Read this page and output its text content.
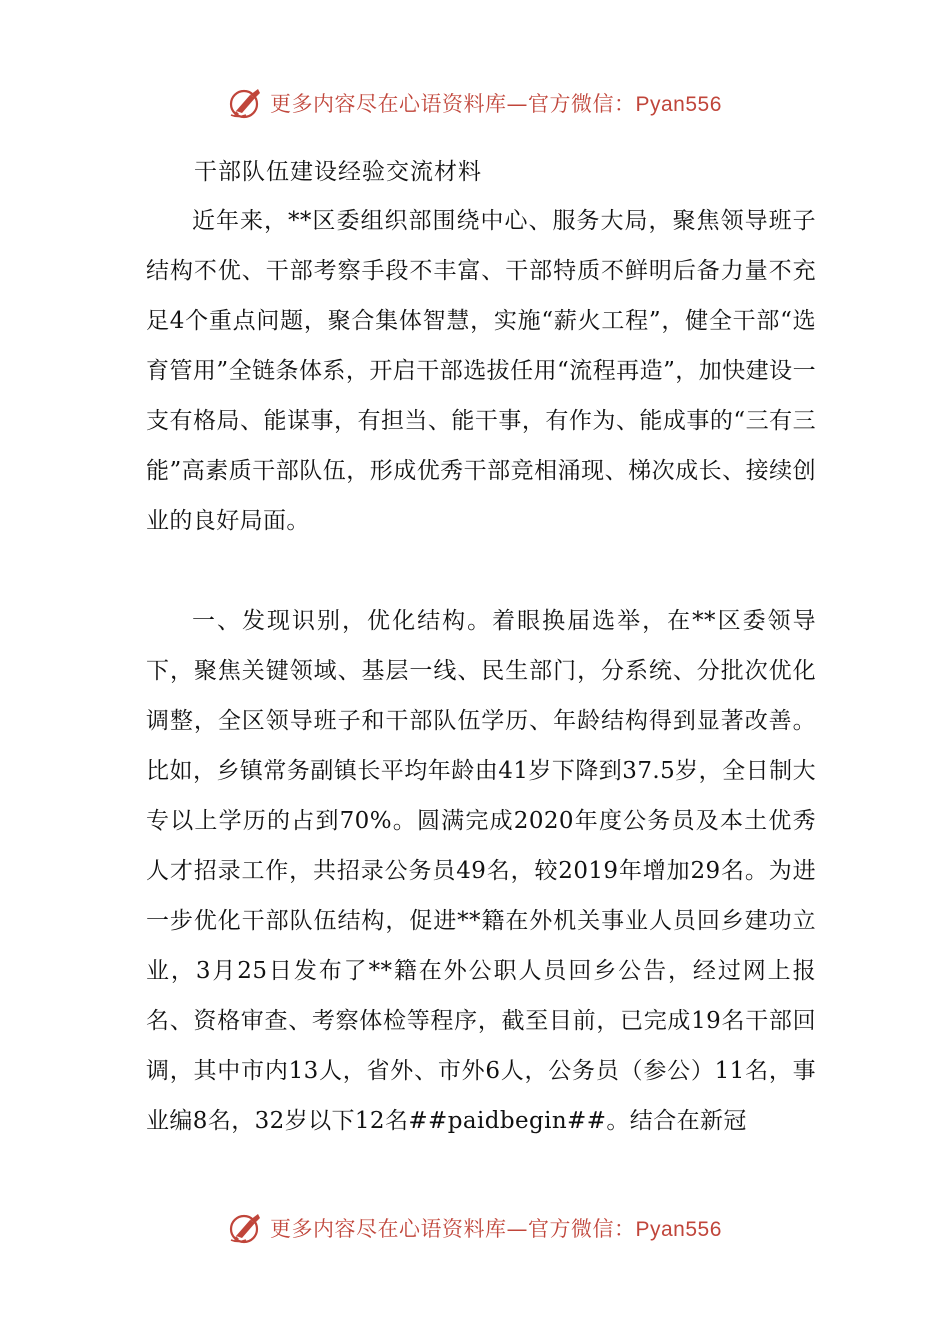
更多内容尽在心语资料库—官方微信：Pyan556
干部队伍建设经验交流材料

近年来，**区委组织部围绕中心、服务大局，聚焦领导班子结构不优、干部考察手段不丰富、干部特质不鲜明后备力量不充足4个重点问题，聚合集体智慧，实施“薪火工程”，健全干部“选育管用”全链条体系，开启干部选拔任用“流程再造”，加快建设一支有格局、能谋事，有担当、能干事，有作为、能成事的“三有三能”高素质干部队伍，形成优秀干部竞相涌现、梯次成长、接续创业的良好局面。

一、发现识别，优化结构。着眼换届选举，在**区委领导下，聚焦关键领域、基层一线、民生部门，分系统、分批次优化调整，全区领导班子和干部队伍学历、年龄结构得到显著改善。比如，乡镇常务副镇长平均年龄由41岁下降到37.5岁，全日制大专以上学历的占到70%。圆满完成2020年度公务员及本土优秀人才招录工作，共招录公务员49名，较2019年增加29名。为进一步优化干部队伍结构，促进**籍在外机关事业人员回乡建功立业，3月25日发布了**籍在外公职人员回乡公告，经过网上报名、资格审查、考察体检等程序，截至目前，已完成19名干部回调，其中市内13人，省外、市外6人，公务员（参公）11名，事业编8名，32岁以下12名##paidbegin##。结合在新冠

更多内容尽在心语资料库—官方微信：Pyan556
